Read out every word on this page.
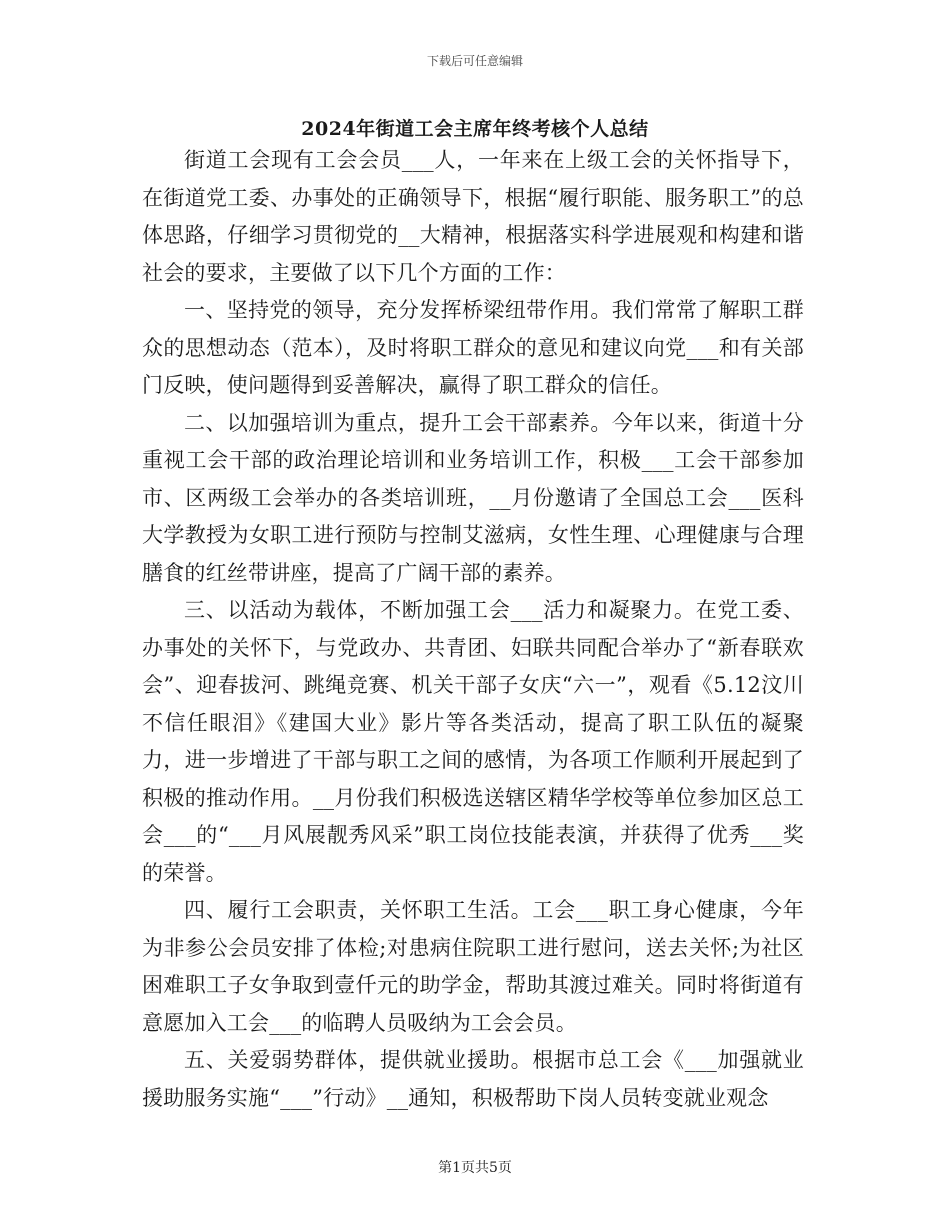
下载后可任意编辑
2024年街道工会主席年终考核个人总结

街道工会现有工会会员___人，一年来在上级工会的关怀指导下，在街道党工委、办事处的正确领导下，根据“履行职能、服务职工”的总体思路，仔细学习贯彻党的__大精神，根据落实科学进展观和构建和谐社会的要求，主要做了以下几个方面的工作：

一、坚持党的领导，充分发挥桥梁纽带作用。我们常常了解职工群众的思想动态（范本），及时将职工群众的意见和建议向党___和有关部门反映，使问题得到妥善解决，赢得了职工群众的信任。

二、以加强培训为重点，提升工会干部素养。今年以来，街道十分重视工会干部的政治理论培训和业务培训工作，积极___工会干部参加市、区两级工会举办的各类培训班，__月份邀请了全国总工会___医科大学教授为女职工进行预防与控制艾滋病，女性生理、心理健康与合理膳食的红丝带讲座，提高了广阔干部的素养。

三、以活动为载体，不断加强工会___活力和凝聚力。在党工委、办事处的关怀下，与党政办、共青团、妇联共同配合举办了“新春联欢会”、迎春拔河、跳绳竞赛、机关干部子女庆“六一”，观看《5.12汶川不信任眼泪》《建国大业》影片等各类活动，提高了职工队伍的凝聚力，进一步增进了干部与职工之间的感情，为各项工作顺利开展起到了积极的推动作用。__月份我们积极选送辖区精华学校等单位参加区总工会___的“___月风展靓秀风采”职工岗位技能表演，并获得了优秀___奖的荣誉。

四、履行工会职责，关怀职工生活。工会___职工身心健康，今年为非参公会员安排了体检;对患病住院职工进行慰问，送去关怀;为社区困难职工子女争取到壹仟元的助学金，帮助其渡过难关。同时将街道有意愿加入工会___的临聘人员吸纳为工会会员。

五、关爱弱势群体，提供就业援助。根据市总工会《___加强就业援助服务实施“___”行动》__通知，积极帮助下岗人员转变就业观念

第1页共5页
